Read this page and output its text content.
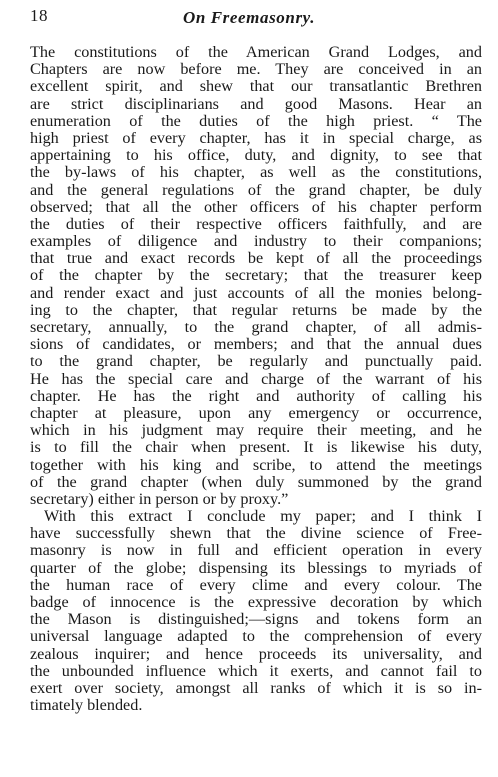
18	On Freemasonry.
The constitutions of the American Grand Lodges, and
Chapters are now before me. They are conceived in an
excellent spirit, and shew that our transatlantic Brethren
are strict disciplinarians and good Masons. Hear an
enumeration of the duties of the high priest. “ The
high priest of every chapter, has it in special charge, as
appertaining to his office, duty, and dignity, to see that
the by-laws of his chapter, as well as the constitutions,
and the general regulations of the grand chapter, be duly
observed; that all the other officers of his chapter perform
the duties of their respective officers faithfully, and are
examples of diligence and industry to their companions;
that true and exact records be kept of all the proceedings
of the chapter by the secretary; that the treasurer keep
and render exact and just accounts of all the monies belong-
ing to the chapter, that regular returns be made by the
secretary, annually, to the grand chapter, of all admis-
sions of candidates, or members; and that the annual dues
to the grand chapter, be regularly and punctually paid.
He has the special care and charge of the warrant of his
chapter. He has the right and authority of calling his
chapter at pleasure, upon any emergency or occurrence,
which in his judgment may require their meeting, and he
is to fill the chair when present. It is likewise his duty,
together with his king and scribe, to attend the meetings
of the grand chapter (when duly summoned by the grand
secretary) either in person or by proxy.”
With this extract I conclude my paper; and I think I
have successfully shewn that the divine science of Free-
masonry is now in full and efficient operation in every
quarter of the globe; dispensing its blessings to myriads of
the human race of every clime and every colour. The
badge of innocence is the expressive decoration by which
the Mason is distinguished;—signs and tokens form an
universal language adapted to the comprehension of every
zealous inquirer; and hence proceeds its universality, and
the unbounded influence which it exerts, and cannot fail to
exert over society, amongst all ranks of which it is so in-
timately blended.
